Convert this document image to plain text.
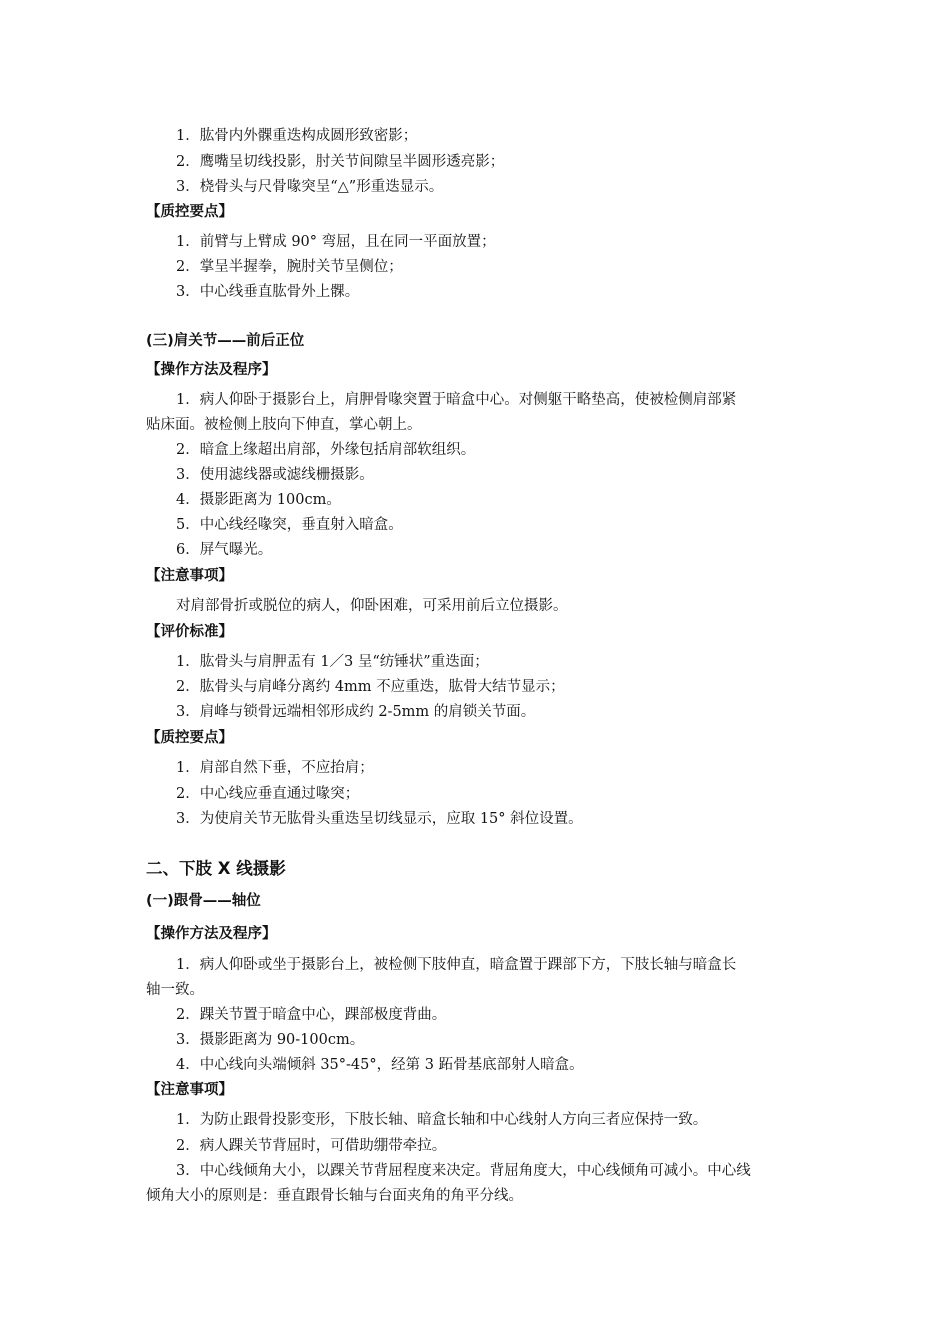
1．肱骨内外髁重迭构成圆形致密影；
2．鹰嘴呈切线投影，肘关节间隙呈半圆形透亮影；
3．桡骨头与尺骨喙突呈“△”形重迭显示。
【质控要点】
1．前臂与上臂成 90° 弯屈，且在同一平面放置；
2．掌呈半握拳，腕肘关节呈侧位；
3．中心线垂直肱骨外上髁。
(三)肩关节——前后正位
【操作方法及程序】
1．病人仰卧于摄影台上，肩胛骨喙突置于暗盒中心。对侧躯干略垫高，使被检侧肩部紧
贴床面。被检侧上肢向下伸直，掌心朝上。
2．暗盒上缘超出肩部，外缘包括肩部软组织。
3．使用滤线器或滤线栅摄影。
4．摄影距离为 100cm。
5．中心线经喙突，垂直射入暗盒。
6．屏气曝光。
【注意事项】
对肩部骨折或脱位的病人，仰卧困难，可采用前后立位摄影。
【评价标准】
1．肱骨头与肩胛盂有 1／3 呈“纺锤状”重迭面；
2．肱骨头与肩峰分离约 4mm 不应重迭，肱骨大结节显示；
3．肩峰与锁骨远端相邻形成约 2-5mm 的肩锁关节面。
【质控要点】
1．肩部自然下垂，不应抬肩；
2．中心线应垂直通过喙突；
3．为使肩关节无肱骨头重迭呈切线显示，应取 15° 斜位设置。
二、下肢 X 线摄影
(一)跟骨——轴位
【操作方法及程序】
1．病人仰卧或坐于摄影台上，被检侧下肢伸直，暗盒置于踝部下方，下肢长轴与暗盒长
轴一致。
2．踝关节置于暗盒中心，踝部极度背曲。
3．摄影距离为 90-100cm。
4．中心线向头端倾斜 35°-45°，经第 3 跖骨基底部射人暗盒。
【注意事项】
1．为防止跟骨投影变形，下肢长轴、暗盒长轴和中心线射人方向三者应保持一致。
2．病人踝关节背屈时，可借助绷带牵拉。
3．中心线倾角大小，以踝关节背屈程度来决定。背屈角度大，中心线倾角可减小。中心线
倾角大小的原则是：垂直跟骨长轴与台面夹角的角平分线。
